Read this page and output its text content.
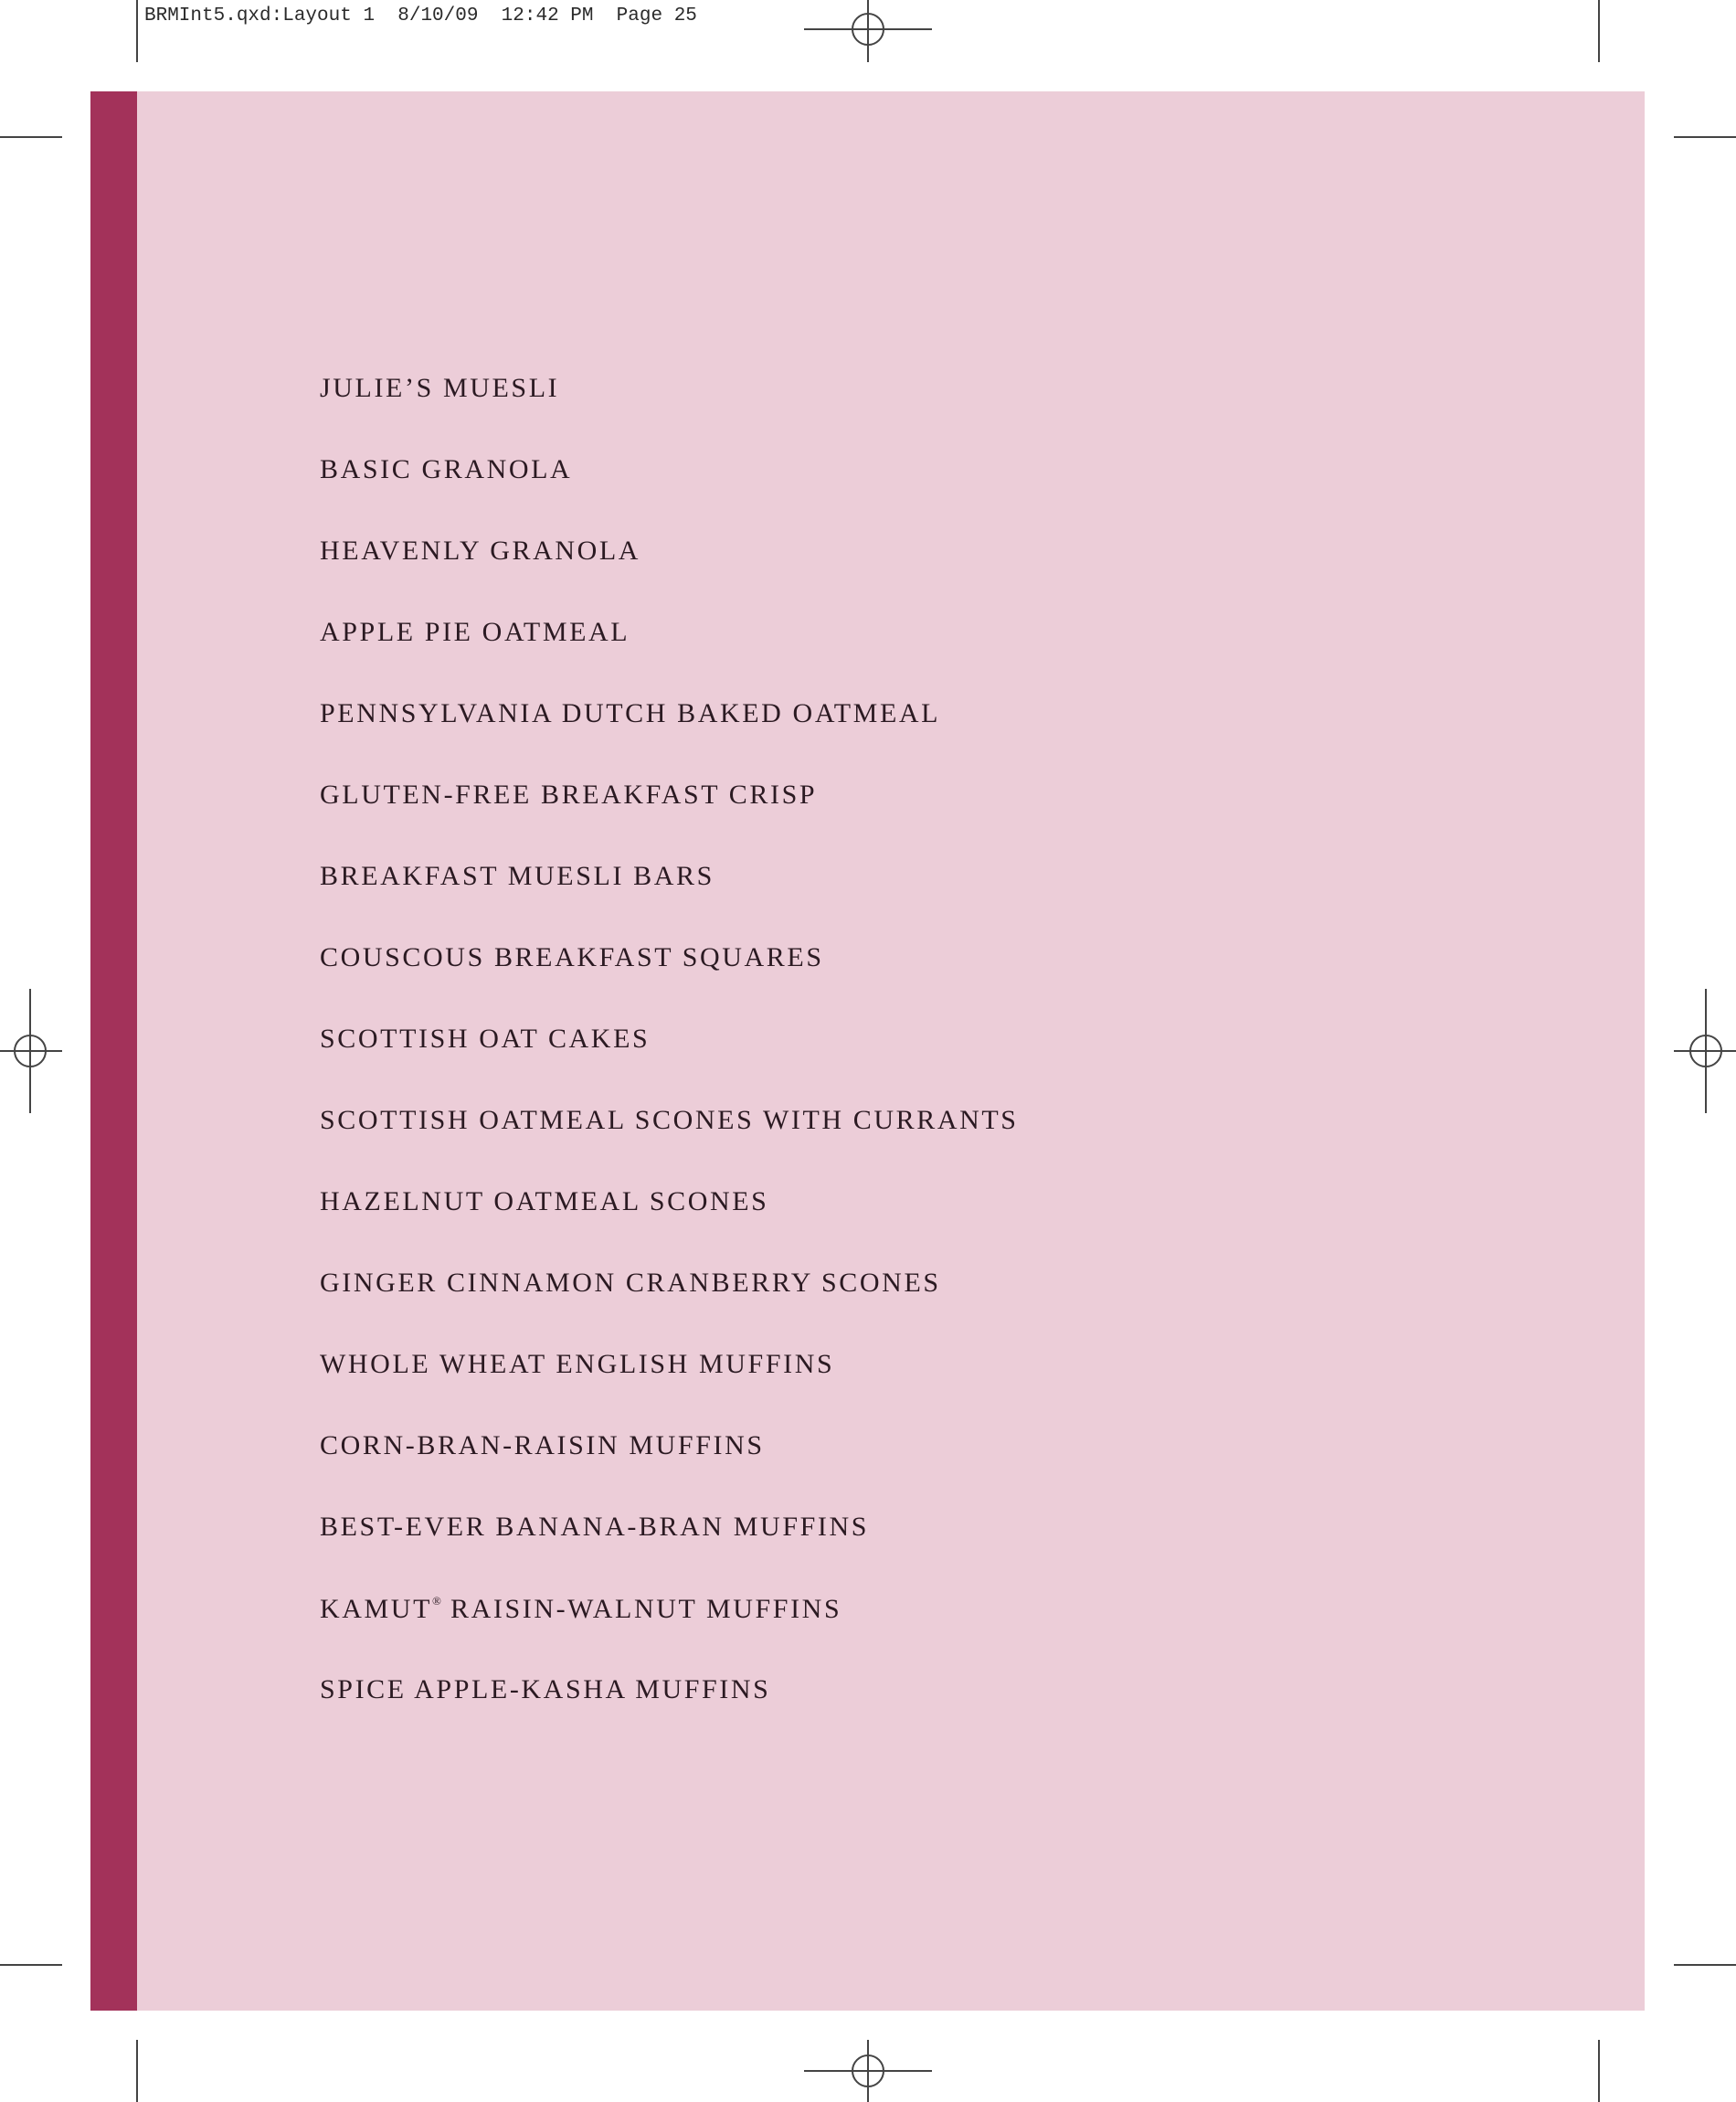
BRMInt5.qxd:Layout 1  8/10/09  12:42 PM  Page 25
JULIE’S MUESLI
BASIC GRANOLA
HEAVENLY GRANOLA
APPLE PIE OATMEAL
PENNSYLVANIA DUTCH BAKED OATMEAL
GLUTEN-FREE BREAKFAST CRISP
BREAKFAST MUESLI BARS
COUSCOUS BREAKFAST SQUARES
SCOTTISH OAT CAKES
SCOTTISH OATMEAL SCONES WITH CURRANTS
HAZELNUT OATMEAL SCONES
GINGER CINNAMON CRANBERRY SCONES
WHOLE WHEAT ENGLISH MUFFINS
CORN-BRAN-RAISIN MUFFINS
BEST-EVER BANANA-BRAN MUFFINS
KAMUT® RAISIN-WALNUT MUFFINS
SPICE APPLE-KASHA MUFFINS
